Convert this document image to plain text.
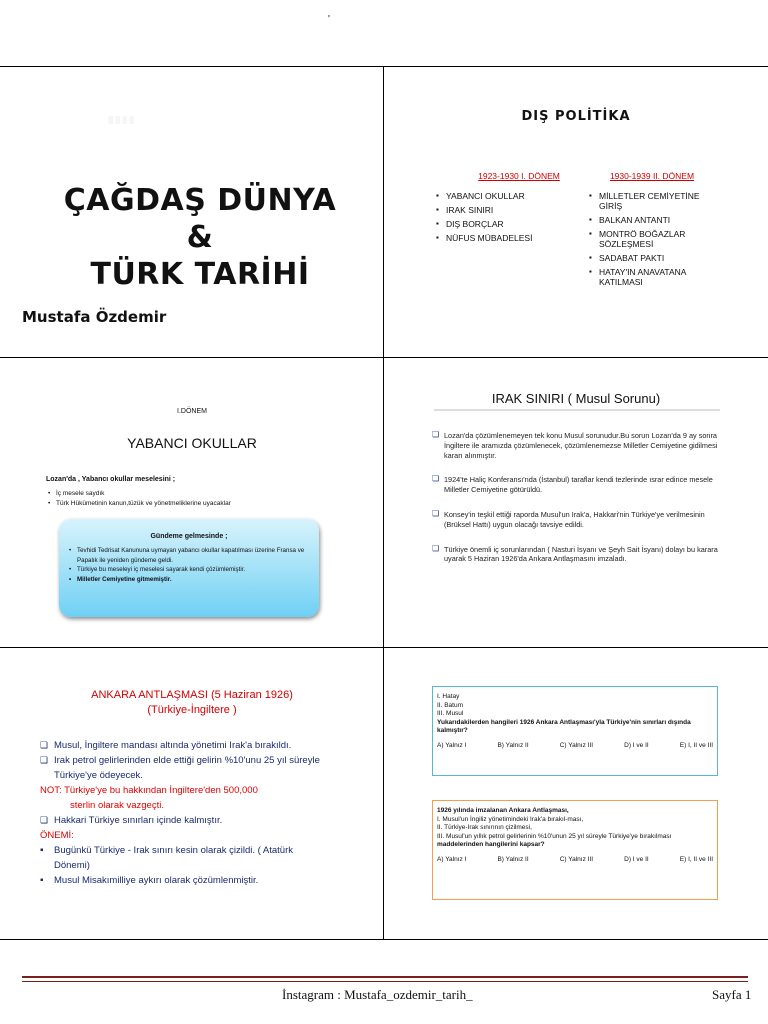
'
░░░░
ÇAĞDAŞ DÜNYA
&
TÜRK TARİHİ
Mustafa Özdemir
DIŞ POLİTİKA
1923-1930 I. DÖNEM
▪ YABANCI OKULLAR
▪ IRAK SINIRI
▪ DIŞ BORÇLAR
▪ NÜFUS MÜBADELESİ
1930-1939 II. DÖNEM
▪ MİLLETLER CEMİYETİNE GİRİŞ
▪ BALKAN ANTANTI
▪ MONTRÖ BOĞAZLAR SÖZLEŞMESİ
▪ SADABAT PAKTI
▪ HATAY'IN ANAVATANA KATILMASI
I.DÖNEM
YABANCI OKULLAR
Lozan'da , Yabancı okullar meselesini ;
• İç mesele saydık
• Türk Hükümetinin kanun,tüzük ve yönetmeliklerine uyacaklar
Gündeme gelmesinde ;
• Tevhidi Tedrisat Kanununa uymayan yabancı okullar kapatılması üzerine Fransa ve Papalık ile yeniden gündeme geldi.
• Türkiye bu meseleyi iç meselesi sayarak kendi çözümlemiştir.
• Milletler Cemiyetine gitmemiştir.
IRAK SINIRI ( Musul Sorunu)
❏ Lozan'da çözümlenemeyen tek konu Musul sorunudur.Bu sorun Lozan'da 9 ay sonra İngiltere ile aramızda çözümlenecek, çözümlenemezse Milletler Cemiyetine gidilmesi kararı alınmıştır.
❏ 1924'te Haliç Konferansı'nda (İstanbul) taraflar kendi tezlerinde ısrar edince mesele Milletler Cemiyetine götürüldü.
❏ Konsey'in teşkil ettiği raporda Musul'un Irak'a, Hakkari'nin Türkiye'ye verilmesinin (Brüksel Hattı) uygun olacağı tavsiye edildi.
❏ Türkiye önemli iç sorunlarından ( Nasturi İsyanı ve Şeyh Sait İsyanı) dolayı bu karara uyarak 5 Haziran 1926'da Ankara Antlaşmasını imzaladı.
ANKARA ANTLAŞMASI (5 Haziran 1926)
(Türkiye-İngiltere )
❏ Musul, İngiltere mandası altında yönetimi Irak'a bırakıldı.
❏ Irak petrol gelirlerinden elde ettiği gelirin %10'unu 25 yıl süreyle Türkiye'ye ödeyecek.
NOT: Türkiye'ye bu hakkından İngiltere'den 500,000
sterlin olarak vazgeçti.
❏ Hakkari Türkiye sınırları içinde kalmıştır.
ÖNEMİ:
▪ Bugünkü Türkiye - Irak sınırı kesin olarak çizildi. ( Atatürk Dönemi)
▪ Musul Misakımilliye aykırı olarak çözümlenmiştir.
I. Hatay
II. Batum
III. Musul
Yukarıdakilerden hangileri 1926 Ankara Antlaşması'yla Türkiye'nin sınırları dışında kalmıştır?
A) Yalnız I	B) Yalnız II	C) Yalnız III	D) I ve II	E) I, II ve III
1926 yılında imzalanan Ankara Antlaşması,
I. Musul'un İngiliz yönetimindeki Irak'a bırakıl-ması,
II. Türkiye-Irak sınırının çizilmesi,
III. Musul'un yıllık petrol gelirlerinin %10'unun 25 yıl süreyle Türkiye'ye bırakılması
maddelerinden hangilerini kapsar?
A) Yalnız I	B) Yalnız II	C) Yalnız III	D) I ve II	E) I, II ve III
İnstagram : Mustafa_ozdemir_tarih_	Sayfa 1
